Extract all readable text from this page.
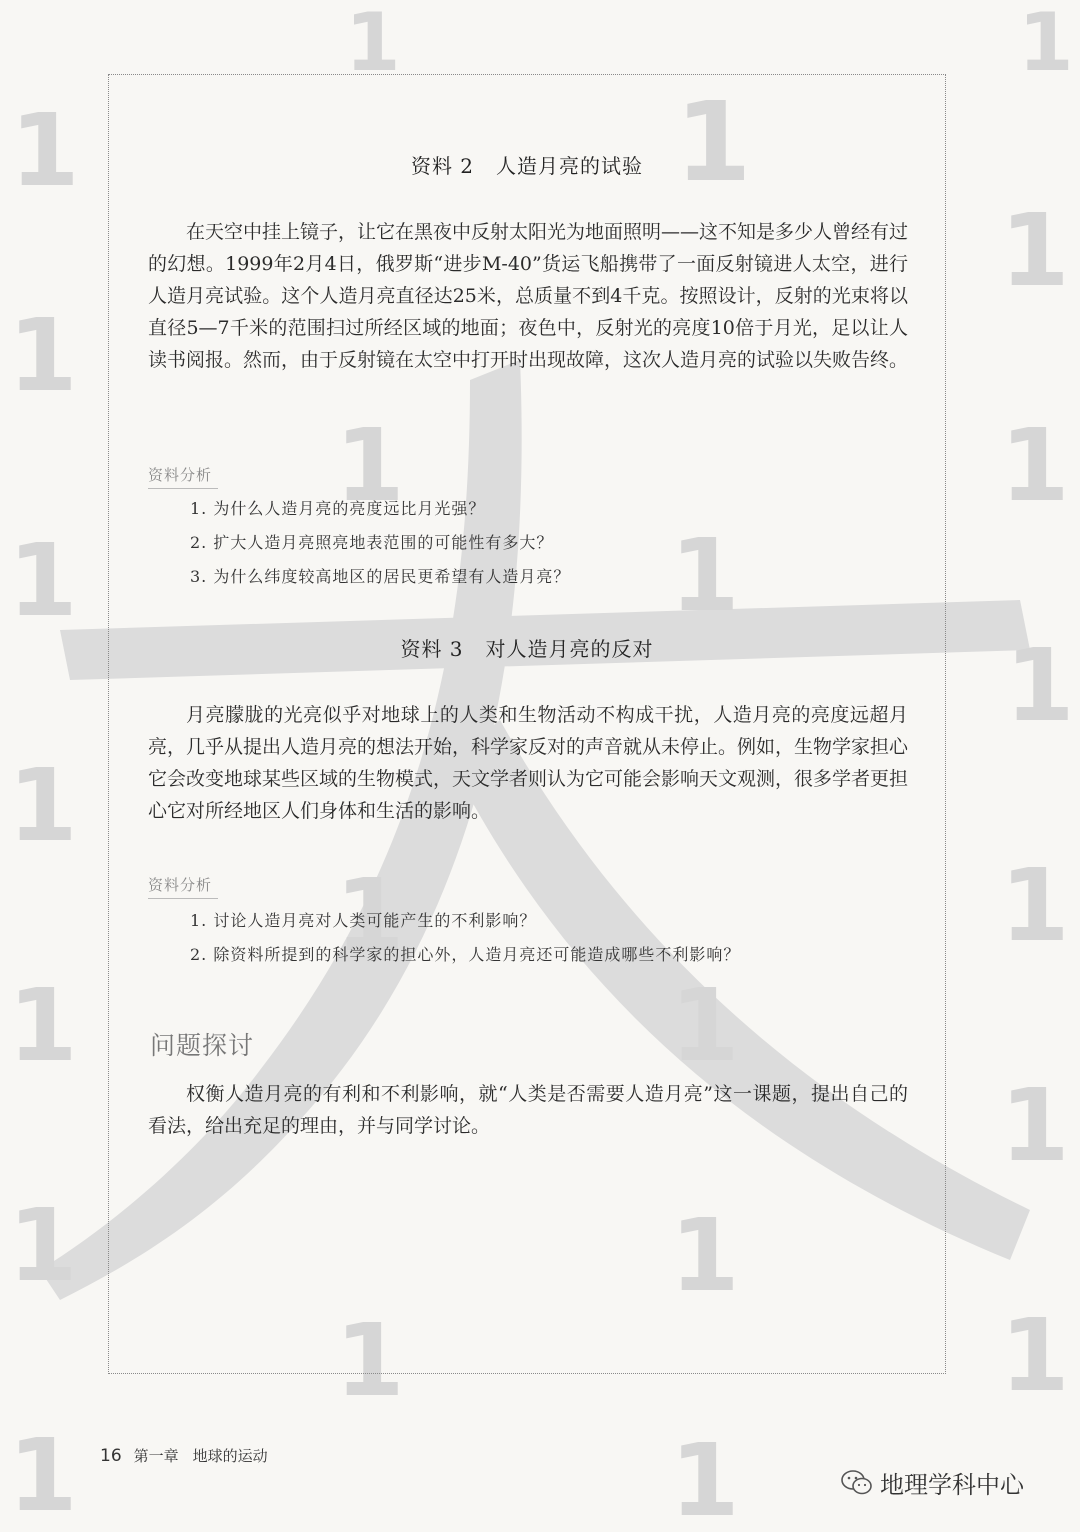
1	1
1	1
1
1
1	1
1	1
1
1
1	1
1	1
1
1	1
1	1
1	1
资料 2 人造月亮的试验

在天空中挂上镜子，让它在黑夜中反射太阳光为地面照明——这不知是多少人曾经有过的幻想。1999年2月4日，俄罗斯“进步M-40”货运飞船携带了一面反射镜进人太空，进行人造月亮试验。这个人造月亮直径达25米，总质量不到4千克。按照设计，反射的光束将以直径5—7千米的范围扫过所经区域的地面；夜色中，反射光的亮度10倍于月光，足以让人读书阅报。然而，由于反射镜在太空中打开时出现故障，这次人造月亮的试验以失败告终。

资料分析
1. 为什么人造月亮的亮度远比月光强？
2. 扩大人造月亮照亮地表范围的可能性有多大？
3. 为什么纬度较高地区的居民更希望有人造月亮？
资料 3 对人造月亮的反对

月亮朦胧的光亮似乎对地球上的人类和生物活动不构成干扰，人造月亮的亮度远超月亮，几乎从提出人造月亮的想法开始，科学家反对的声音就从未停止。例如，生物学家担心它会改变地球某些区域的生物模式，天文学者则认为它可能会影响天文观测，很多学者更担心它对所经地区人们身体和生活的影响。

资料分析
1. 讨论人造月亮对人类可能产生的不利影响？
2. 除资料所提到的科学家的担心外，人造月亮还可能造成哪些不利影响？
问题探讨

权衡人造月亮的有利和不利影响，就“人类是否需要人造月亮”这一课题，提出自己的看法，给出充足的理由，并与同学讨论。

16 第一章 地球的运动
地理学科中心
